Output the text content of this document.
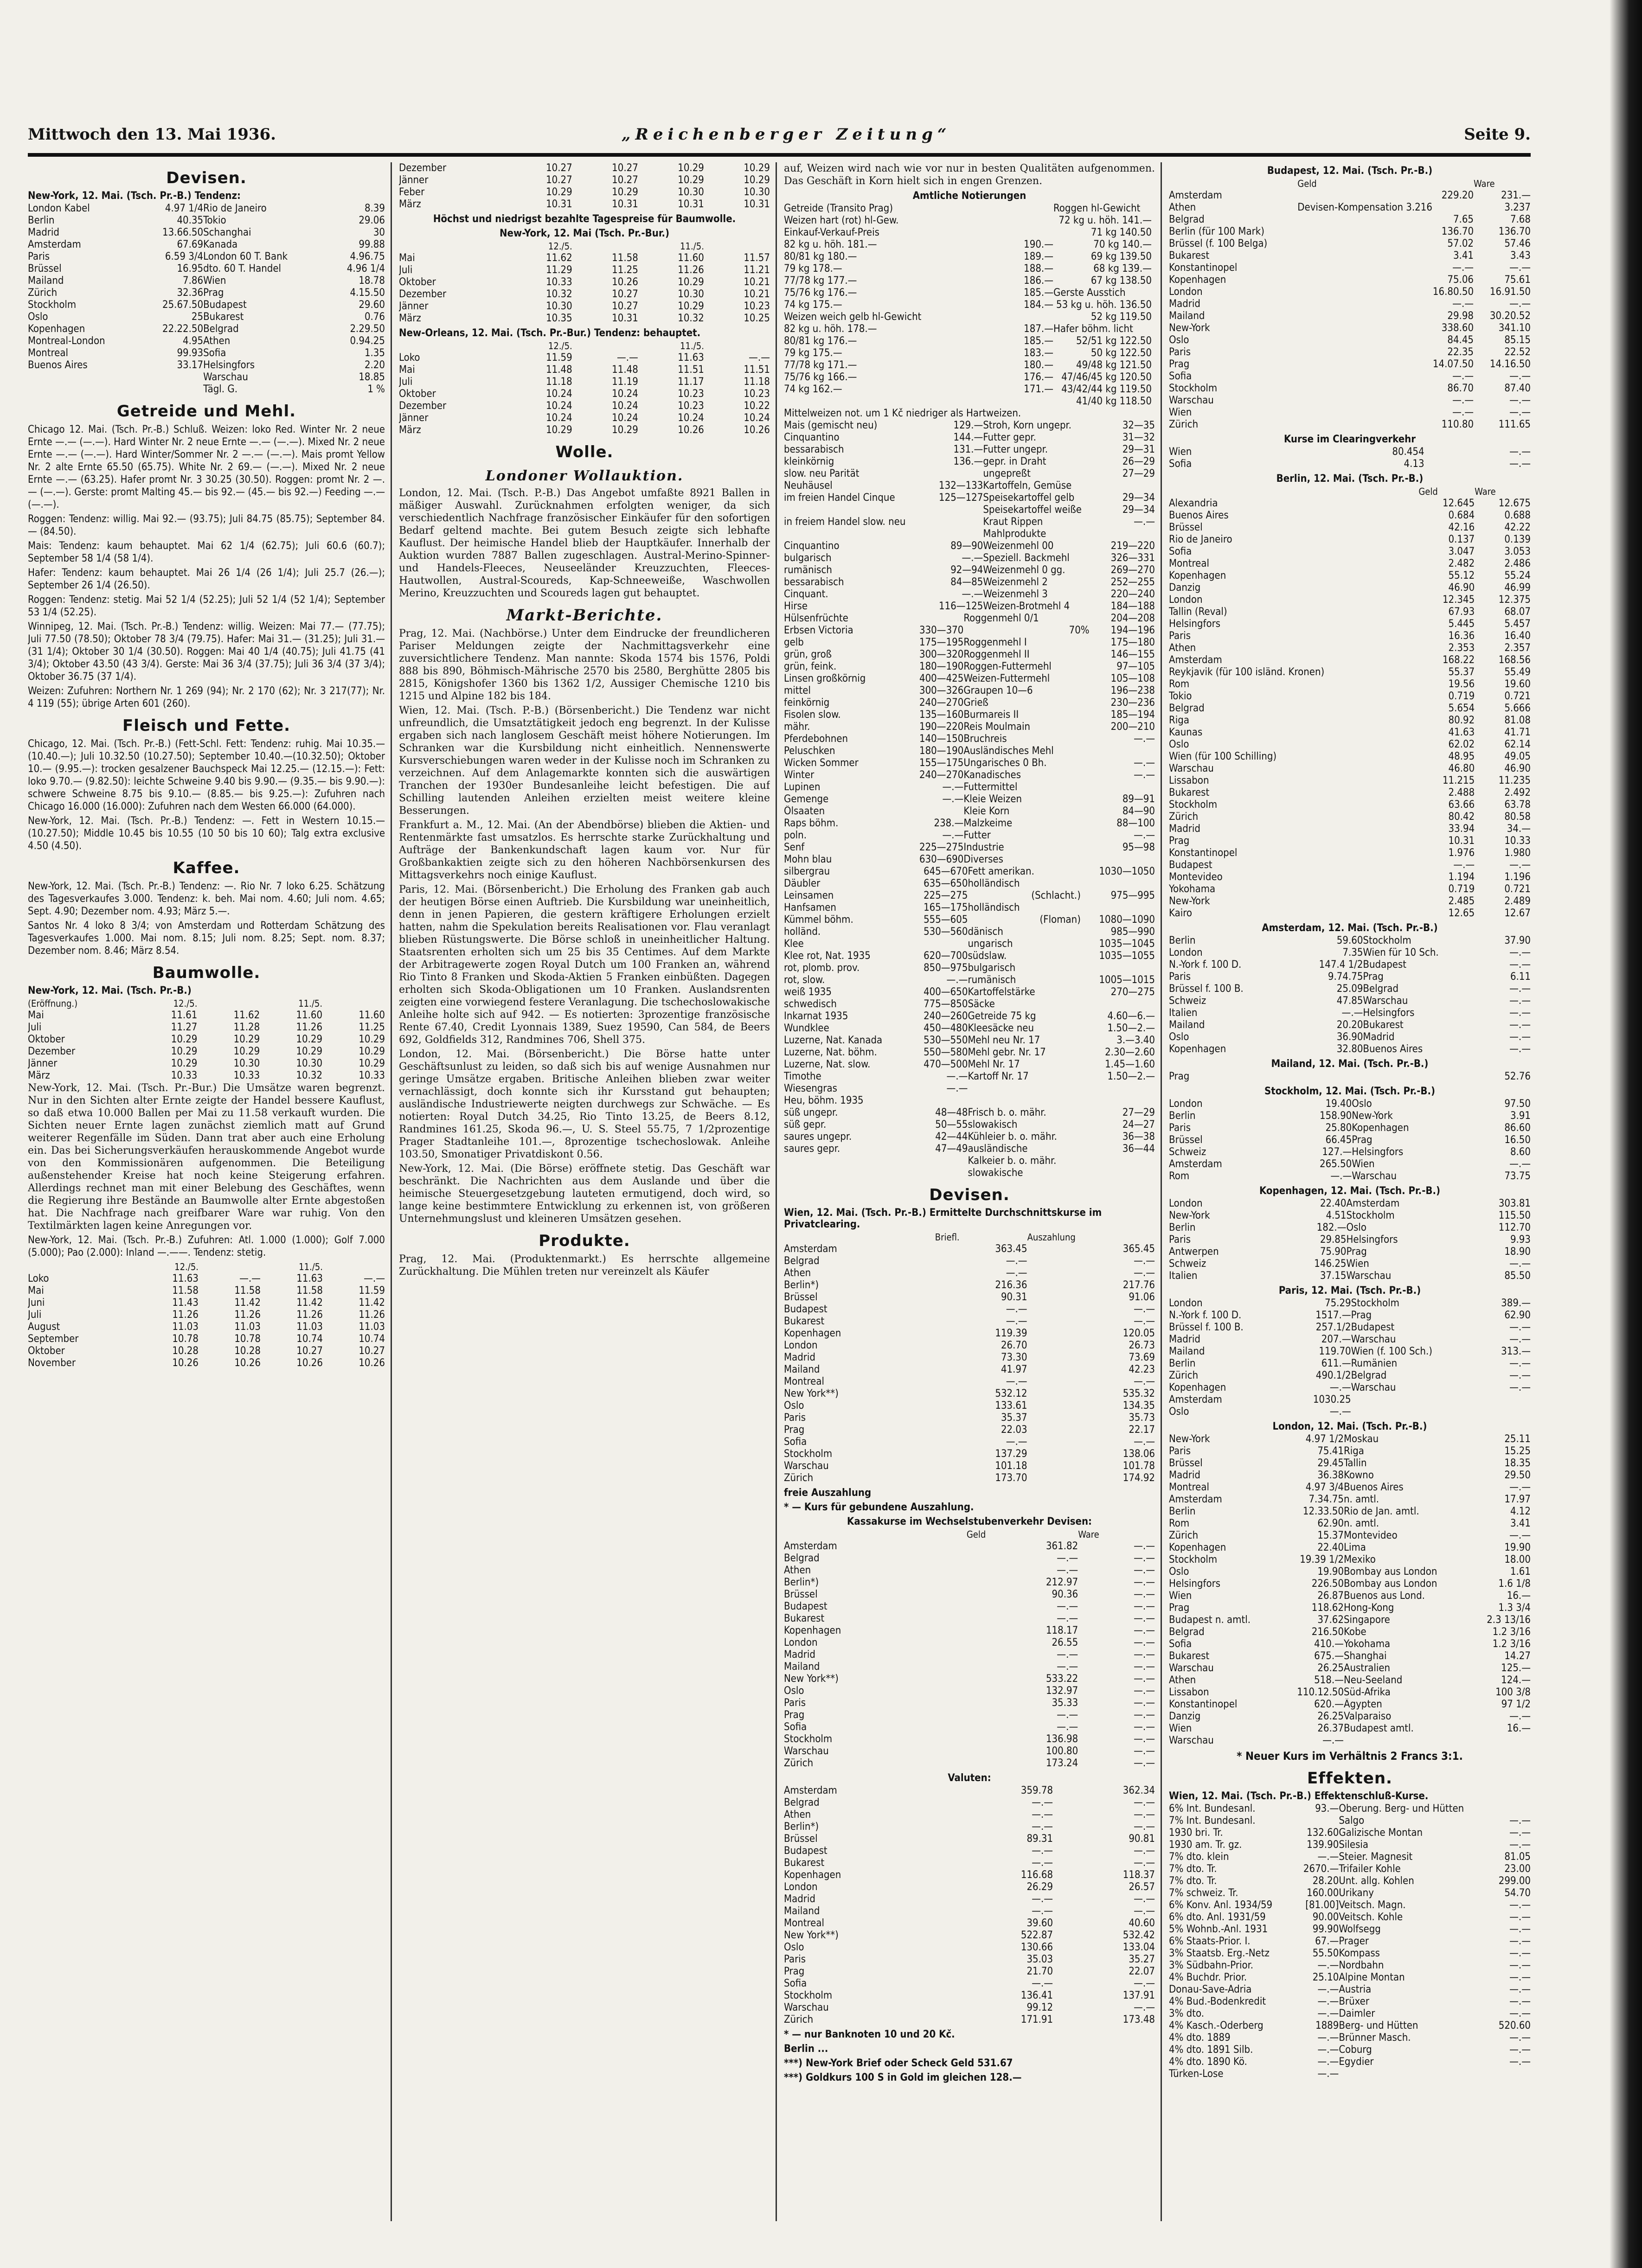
Mittwoch den 13. Mai 1936.	„Reichenberger Zeitung“	Seite 9.
Devisen.
New-York, 12. Mai. (Tsch. Pr.-B.) Tendenz:
London Kabel	4.97 1/4	Rio de Janeiro	8.39
Berlin	40.35	Tokio	29.06
Madrid	13.66.50	Schanghai	30
Amsterdam	67.69	Kanada	99.88
Paris	6.59 3/4	London 60 T. Bank	4.96.75
Brüssel	16.95	dto. 60 T. Handel	4.96 1/4
Mailand	7.86	Wien	18.78
Zürich	32.36	Prag	4.15.50
Stockholm	25.67.50	Budapest	29.60
Oslo	25	Bukarest	0.76
Kopenhagen	22.22.50	Belgrad	2.29.50
Montreal-London	4.95	Athen	0.94.25
Montreal	99.93	Sofia	1.35
Buenos Aires	33.17	Helsingfors	2.20
		Warschau	18.85
		Tägl. G.	1 %
Getreide und Mehl.

Chicago 12. Mai. (Tsch. Pr.-B.) Schluß. Weizen: loko Red. Winter Nr. 2 neue Ernte —.— (—.—). Hard Winter Nr. 2 neue Ernte —.— (—.—). Mixed Nr. 2 neue Ernte —.— (—.—). Hard Winter/Sommer Nr. 2 —.— (—.—). Mais promt Yellow Nr. 2 alte Ernte 65.50 (65.75). White Nr. 2 69.— (—.—). Mixed Nr. 2 neue Ernte —.— (63.25). Hafer promt Nr. 3 30.25 (30.50). Roggen: promt Nr. 2 —.— (—.—). Gerste: promt Malting 45.— bis 92.— (45.— bis 92.—) Feeding —.— (—.—).

Roggen: Tendenz: willig. Mai 92.— (93.75); Juli 84.75 (85.75); September 84.— (84.50).

Mais: Tendenz: kaum behauptet. Mai 62 1/4 (62.75); Juli 60.6 (60.7); September 58 1/4 (58 1/4).

Hafer: Tendenz: kaum behauptet. Mai 26 1/4 (26 1/4); Juli 25.7 (26.—); September 26 1/4 (26.50).

Roggen: Tendenz: stetig. Mai 52 1/4 (52.25); Juli 52 1/4 (52 1/4); September 53 1/4 (52.25).

Winnipeg, 12. Mai. (Tsch. Pr.-B.) Tendenz: willig. Weizen: Mai 77.— (77.75); Juli 77.50 (78.50); Oktober 78 3/4 (79.75). Hafer: Mai 31.— (31.25); Juli 31.— (31 1/4); Oktober 30 1/4 (30.50). Roggen: Mai 40 1/4 (40.75); Juli 41.75 (41 3/4); Oktober 43.50 (43 3/4). Gerste: Mai 36 3/4 (37.75); Juli 36 3/4 (37 3/4); Oktober 36.75 (37 1/4).

Weizen: Zufuhren: Northern Nr. 1 269 (94); Nr. 2 170 (62); Nr. 3 217(77); Nr. 4 119 (55); übrige Arten 601 (260).

Fleisch und Fette.

Chicago, 12. Mai. (Tsch. Pr.-B.) (Fett-Schl. Fett: Tendenz: ruhig. Mai 10.35.—(10.40.—); Juli 10.32.50 (10.27.50); September 10.40.—(10.32.50); Oktober 10.— (9.95.—): trocken gesalzener Bauchspeck Mai 12.25.— (12.15.—): Fett: loko 9.70.— (9.82.50): leichte Schweine 9.40 bis 9.90.— (9.35.— bis 9.90.—): schwere Schweine 8.75 bis 9.10.— (8.85.— bis 9.25.—): Zufuhren nach Chicago 16.000 (16.000): Zufuhren nach dem Westen 66.000 (64.000).

New-York, 12. Mai. (Tsch. Pr.-B.) Tendenz: —. Fett in Western 10.15.— (10.27.50); Middle 10.45 bis 10.55 (10 50 bis 10 60); Talg extra exclusive 4.50 (4.50).

Kaffee.

New-York, 12. Mai. (Tsch. Pr.-B.) Tendenz: —. Rio Nr. 7 loko 6.25. Schätzung des Tagesverkaufes 3.000. Tendenz: k. beh. Mai nom. 4.60; Juli nom. 4.65; Sept. 4.90; Dezember nom. 4.93; März 5.—.

Santos Nr. 4 loko 8 3/4; von Amsterdam und Rotterdam Schätzung des Tagesverkaufes 1.000. Mai nom. 8.15; Juli nom. 8.25; Sept. nom. 8.37; Dezember nom. 8.46; März 8.54.

Baumwolle.
New-York, 12. Mai. (Tsch. Pr.-B.)
(Eröffnung.)	12./5.		11./5.	
Mai	11.61	11.62	11.60	11.60
Juli	11.27	11.28	11.26	11.25
Oktober	10.29	10.29	10.29	10.29
Dezember	10.29	10.29	10.29	10.29
Jänner	10.29	10.30	10.30	10.29
März	10.33	10.33	10.32	10.33

New-York, 12. Mai. (Tsch. Pr.-Bur.) Die Umsätze waren begrenzt. Nur in den Sichten alter Ernte zeigte der Handel bessere Kauflust, so daß etwa 10.000 Ballen per Mai zu 11.58 verkauft wurden. Die Sichten neuer Ernte lagen zunächst ziemlich matt auf Grund weiterer Regenfälle im Süden. Dann trat aber auch eine Erholung ein. Das bei Sicherungsverkäufen herauskommende Angebot wurde von den Kommissionären aufgenommen. Die Beteiligung außenstehender Kreise hat noch keine Steigerung erfahren. Allerdings rechnet man mit einer Belebung des Geschäftes, wenn die Regierung ihre Bestände an Baumwolle alter Ernte abgestoßen hat. Die Nachfrage nach greifbarer Ware war ruhig. Von den Textilmärkten lagen keine Anregungen vor.

New-York, 12. Mai. (Tsch. Pr.-B.) Zufuhren: Atl. 1.000 (1.000); Golf 7.000 (5.000); Pao (2.000): Inland —.——. Tendenz: stetig.

	12./5.		11./5.	
Loko	11.63	—.—	11.63	—.—
Mai	11.58	11.58	11.58	11.59
Juni	11.43	11.42	11.42	11.42
Juli	11.26	11.26	11.26	11.26
August	11.03	11.03	11.03	11.03
September	10.78	10.78	10.74	10.74
Oktober	10.28	10.28	10.27	10.27
November	10.26	10.26	10.26	10.26
Dezember	10.27	10.27	10.29	10.29
Jänner	10.27	10.27	10.29	10.29
Feber	10.29	10.29	10.30	10.30
März	10.31	10.31	10.31	10.31
Höchst und niedrigst bezahlte Tagespreise für Baumwolle.
New-York, 12. Mai (Tsch. Pr.-Bur.)
	12./5.		11./5.	
Mai	11.62	11.58	11.60	11.57
Juli	11.29	11.25	11.26	11.21
Oktober	10.33	10.26	10.29	10.21
Dezember	10.32	10.27	10.30	10.21
Jänner	10.30	10.27	10.29	10.23
März	10.35	10.31	10.32	10.25
New-Orleans, 12. Mai. (Tsch. Pr.-Bur.) Tendenz: behauptet.
	12./5.		11./5.	
Loko	11.59	—.—	11.63	—.—
Mai	11.48	11.48	11.51	11.51
Juli	11.18	11.19	11.17	11.18
Oktober	10.24	10.24	10.23	10.23
Dezember	10.24	10.24	10.23	10.22
Jänner	10.24	10.24	10.24	10.24
März	10.29	10.29	10.26	10.26
Wolle.
Londoner Wollauktion.

London, 12. Mai. (Tsch. P.-B.) Das Angebot umfaßte 8921 Ballen in mäßiger Auswahl. Zurücknahmen erfolgten weniger, da sich verschiedentlich Nachfrage französischer Einkäufer für den sofortigen Bedarf geltend machte. Bei gutem Besuch zeigte sich lebhafte Kauflust. Der heimische Handel blieb der Hauptkäufer. Innerhalb der Auktion wurden 7887 Ballen zugeschlagen. Austral-Merino-Spinner- und Handels-Fleeces, Neuseeländer Kreuzzuchten, Fleeces-Hautwollen, Austral-Scoureds, Kap-Schneeweiße, Waschwollen Merino, Kreuzzuchten und Scoureds lagen gut behauptet.

Markt-Berichte.

Prag, 12. Mai. (Nachbörse.) Unter dem Eindrucke der freundlicheren Pariser Meldungen zeigte der Nachmittagsverkehr eine zuversichtlichere Tendenz. Man nannte: Skoda 1574 bis 1576, Poldi 888 bis 890, Böhmisch-Mährische 2570 bis 2580, Berghütte 2805 bis 2815, Königshofer 1360 bis 1362 1/2, Aussiger Chemische 1210 bis 1215 und Alpine 182 bis 184.

Wien, 12. Mai. (Tsch. P.-B.) (Börsenbericht.) Die Tendenz war nicht unfreundlich, die Umsatztätigkeit jedoch eng begrenzt. In der Kulisse ergaben sich nach langlosem Geschäft meist höhere Notierungen. Im Schranken war die Kursbildung nicht einheitlich. Nennenswerte Kursverschiebungen waren weder in der Kulisse noch im Schranken zu verzeichnen. Auf dem Anlagemarkte konnten sich die auswärtigen Tranchen der 1930er Bundesanleihe leicht befestigen. Die auf Schilling lautenden Anleihen erzielten meist weitere kleine Besserungen.

Frankfurt a. M., 12. Mai. (An der Abendbörse) blieben die Aktien- und Rentenmärkte fast umsatzlos. Es herrschte starke Zurückhaltung und Aufträge der Bankenkundschaft lagen kaum vor. Nur für Großbankaktien zeigte sich zu den höheren Nachbörsenkursen des Mittagsverkehrs noch einige Kauflust.

Paris, 12. Mai. (Börsenbericht.) Die Erholung des Franken gab auch der heutigen Börse einen Auftrieb. Die Kursbildung war uneinheitlich, denn in jenen Papieren, die gestern kräftigere Erholungen erzielt hatten, nahm die Spekulation bereits Realisationen vor. Flau veranlagt blieben Rüstungswerte. Die Börse schloß in uneinheitlicher Haltung. Staatsrenten erholten sich um 25 bis 35 Centimes. Auf dem Markte der Arbitragewerte zogen Royal Dutch um 100 Franken an, während Rio Tinto 8 Franken und Skoda-Aktien 5 Franken einbüßten. Dagegen erholten sich Skoda-Obligationen um 10 Franken. Auslandsrenten zeigten eine vorwiegend festere Veranlagung. Die tschechoslowakische Anleihe holte sich auf 942. — Es notierten: 3prozentige französische Rente 67.40, Credit Lyonnais 1389, Suez 19590, Can 584, de Beers 692, Goldfields 312, Randmines 706, Shell 375.

London, 12. Mai. (Börsenbericht.) Die Börse hatte unter Geschäftsunlust zu leiden, so daß sich bis auf wenige Ausnahmen nur geringe Umsätze ergaben. Britische Anleihen blieben zwar weiter vernachlässigt, doch konnte sich ihr Kursstand gut behaupten; ausländische Industriewerte neigten durchwegs zur Schwäche. — Es notierten: Royal Dutch 34.25, Rio Tinto 13.25, de Beers 8.12, Randmines 161.25, Skoda 96.—, U. S. Steel 55.75, 7 1/2prozentige Prager Stadtanleihe 101.—, 8prozentige tschechoslowak. Anleihe 103.50, Smonatiger Privatdiskont 0.56.

New-York, 12. Mai. (Die Börse) eröffnete stetig. Das Geschäft war beschränkt. Die Nachrichten aus dem Auslande und über die heimische Steuergesetzgebung lauteten ermutigend, doch wird, so lange keine bestimmtere Entwicklung zu erkennen ist, von größeren Unternehmungslust und kleineren Umsätzen gesehen.

Produkte.

Prag, 12. Mai. (Produktenmarkt.) Es herrschte allgemeine Zurückhaltung. Die Mühlen treten nur vereinzelt als Käufer

auf, Weizen wird nach wie vor nur in besten Qualitäten aufgenommen. Das Geschäft in Korn hielt sich in engen Grenzen.

Amtliche Notierungen
Getreide (Transito Prag)		Roggen hl-Gewicht	
Weizen hart (rot) hl-Gew.		72 kg u. höh. 141.—	
Einkauf-Verkauf-Preis		71 kg 140.50	
82 kg u. höh. 181.—	190.—	70 kg 140.—	
80/81 kg 180.—	189.—	69 kg 139.50	
79 kg 178.—	188.—	68 kg 139.—	
77/78 kg 177.—	186.—	67 kg 138.50	
75/76 kg 176.—	185.—	Gerste Ausstich	
74 kg 175.—	184.—	53 kg u. höh. 136.50	
Weizen weich gelb hl-Gewicht		52 kg 119.50	
82 kg u. höh. 178.—	187.—	Hafer böhm. licht	
80/81 kg 176.—	185.—	52/51 kg 122.50	
79 kg 175.—	183.—	50 kg 122.50	
77/78 kg 171.—	180.—	49/48 kg 121.50	
75/76 kg 166.—	176.—	47/46/45 kg 120.50	
74 kg 162.—	171.—	43/42/44 kg 119.50	
		41/40 kg 118.50	
Mittelweizen not. um 1 Kč niedriger als Hartweizen.			
Mais (gemischt neu)	129.—	Stroh, Korn ungepr.	32—35
Cinquantino	144.—	Futter gepr.	31—32
bessarabisch	131.—	Futter ungepr.	29—31
kleinkörnig	136.—	gepr. in Draht	26—29
slow. neu Parität		ungepreßt	27—29
Neuhäusel	132—133	Kartoffeln, Gemüse	
im freien Handel Cinque	125—127	Speisekartoffel gelb	29—34
		Speisekartoffel weiße	29—34
in freiem Handel slow. neu		Kraut Rippen	—.—
		Mahlprodukte	
Cinquantino	89—90	Weizenmehl 00	219—220
bulgarisch	—.—	Speziell. Backmehl	326—331
rumänisch	92—94	Weizenmehl 0 gg.	269—270
bessarabisch	84—85	Weizenmehl 2	252—255
Cinquant.	—.—	Weizenmehl 3	220—240
Hirse	116—125	Weizen-Brotmehl 4	184—188
Hülsenfrüchte		Roggenmehl 0/1	204—208
Erbsen Victoria	330—370	70%	194—196
gelb	175—195	Roggenmehl I	175—180
grün, groß	300—320	Roggenmehl II	146—155
grün, feink.	180—190	Roggen-Futtermehl	97—105
Linsen großkörnig	400—425	Weizen-Futtermehl	105—108
mittel	300—326	Graupen 10—6	196—238
feinkörnig	240—270	Grieß	230—236
Fisolen slow.	135—160	Burmareis II	185—194
mähr.	190—220	Reis Moulmain	200—210
Pferdebohnen	140—150	Bruchreis	—.—
Peluschken	180—190	Ausländisches Mehl	
Wicken Sommer	155—175	Ungarisches 0 Bh.	—.—
Winter	240—270	Kanadisches	—.—
Lupinen	—.—	Futtermittel	
Gemenge	—.—	Kleie Weizen	89—91
Ölsaaten		Kleie Korn	84—90
Raps böhm.	238.—	Malzkeime	88—100
poln.	—.—	Futter	—.—
Senf	225—275	Industrie	95—98
Mohn blau	630—690	Diverses	
silbergrau	645—670	Fett amerikan.	1030—1050
Däubler	635—650	holländisch	
Leinsamen	225—275	(Schlacht.)	975—995
Hanfsamen	165—175	holländisch	
Kümmel böhm.	555—605	(Floman)	1080—1090
holländ.	530—560	dänisch	985—990
Klee		ungarisch	1035—1045
Klee rot, Nat. 1935	620—700	südslaw.	1035—1055
rot, plomb. prov.	850—975	bulgarisch	
rot, slow.	—.—	rumänisch	1005—1015
weiß 1935	400—650	Kartoffelstärke	270—275
schwedisch	775—850	Säcke	
Inkarnat 1935	240—260	Getreide 75 kg	4.60—6.—
Wundklee	450—480	Kleesäcke neu	1.50—2.—
Luzerne, Nat. Kanada	530—550	Mehl neu Nr. 17	3.—3.40
Luzerne, Nat. böhm.	550—580	Mehl gebr. Nr. 17	2.30—2.60
Luzerne, Nat. slow.	470—500	Mehl Nr. 17	1.45—1.60
Timothe	—.—	Kartoff Nr. 17	1.50—2.—
Wiesengras	—.—		
Heu, böhm. 1935			
süß ungepr.	48—48	Frisch b. o. mähr.	27—29
süß gepr.	50—55	slowakisch	24—27
saures ungepr.	42—44	Kühleier b. o. mähr.	36—38
saures gepr.	47—49	ausländische	36—44
		Kalkeier b. o. mähr.	
		slowakische	
Devisen.
Wien, 12. Mai. (Tsch. Pr.-B.) Ermittelte Durchschnittskurse im Privatclearing.
	Briefl.	Auszahlung
Amsterdam	363.45	365.45
Belgrad	—.—	—.—
Athen	—.—	—.—
Berlin*)	216.36	217.76
Brüssel	90.31	91.06
Budapest	—.—	—.—
Bukarest	—.—	—.—
Kopenhagen	119.39	120.05
London	26.70	26.73
Madrid	73.30	73.69
Mailand	41.97	42.23
Montreal	—.—	—.—
New York**)	532.12	535.32
Oslo	133.61	134.35
Paris	35.37	35.73
Prag	22.03	22.17
Sofia	—.—	—.—
Stockholm	137.29	138.06
Warschau	101.18	101.78
Zürich	173.70	174.92
freie Auszahlung
* — Kurs für gebundene Auszahlung.
Kassakurse im Wechselstubenverkehr Devisen:
	Geld	Ware
Amsterdam	361.82	—.—
Belgrad	—.—	—.—
Athen	—.—	—.—
Berlin*)	212.97	—.—
Brüssel	90.36	—.—
Budapest	—.—	—.—
Bukarest	—.—	—.—
Kopenhagen	118.17	—.—
London	26.55	—.—
Madrid	—.—	—.—
Mailand	—.—	—.—
New York**)	533.22	—.—
Oslo	132.97	—.—
Paris	35.33	—.—
Prag	—.—	—.—
Sofia	—.—	—.—
Stockholm	136.98	—.—
Warschau	100.80	—.—
Zürich	173.24	—.—
Valuten:
Amsterdam	359.78	362.34
Belgrad	—.—	—.—
Athen	—.—	—.—
Berlin*)	—.—	—.—
Brüssel	89.31	90.81
Budapest	—.—	—.—
Bukarest	—.—	—.—
Kopenhagen	116.68	118.37
London	26.29	26.57
Madrid	—.—	—.—
Mailand	—.—	—.—
Montreal	39.60	40.60
New York**)	522.87	532.42
Oslo	130.66	133.04
Paris	35.03	35.27
Prag	21.70	22.07
Sofia	—.—	—.—
Stockholm	136.41	137.91
Warschau	99.12	—.—
Zürich	171.91	173.48
* — nur Banknoten 10 und 20 Kč.
Berlin ...
***) New-York Brief oder Scheck Geld 531.67
***) Goldkurs 100 S in Gold im gleichen 128.—
Budapest, 12. Mai. (Tsch. Pr.-B.)
	Geld	Ware
Amsterdam	229.20	231.—
Athen	Devisen-Kompensation 3.216	3.237
Belgrad	7.65	7.68
Berlin (für 100 Mark)	136.70	136.70
Brüssel (f. 100 Belga)	57.02	57.46
Bukarest	3.41	3.43
Konstantinopel	—.—	—.—
Kopenhagen	75.06	75.61
London	16.80.50	16.91.50
Madrid	—.—	—.—
Mailand	29.98	30.20.52
New-York	338.60	341.10
Oslo	84.45	85.15
Paris	22.35	22.52
Prag	14.07.50	14.16.50
Sofia	—.—	—.—
Stockholm	86.70	87.40
Warschau	—.—	—.—
Wien	—.—	—.—
Zürich	110.80	111.65
Kurse im Clearingverkehr
Wien	80.454	—.—
Sofia	4.13	—.—
Berlin, 12. Mai. (Tsch. Pr.-B.)
	Geld	Ware
Alexandria	12.645	12.675
Buenos Aires	0.684	0.688
Brüssel	42.16	42.22
Rio de Janeiro	0.137	0.139
Sofia	3.047	3.053
Montreal	2.482	2.486
Kopenhagen	55.12	55.24
Danzig	46.90	46.99
London	12.345	12.375
Tallin (Reval)	67.93	68.07
Helsingfors	5.445	5.457
Paris	16.36	16.40
Athen	2.353	2.357
Amsterdam	168.22	168.56
Reykjavik (für 100 isländ. Kronen)	55.37	55.49
Rom	19.56	19.60
Tokio	0.719	0.721
Belgrad	5.654	5.666
Riga	80.92	81.08
Kaunas	41.63	41.71
Oslo	62.02	62.14
Wien (für 100 Schilling)	48.95	49.05
Warschau	46.80	46.90
Lissabon	11.215	11.235
Bukarest	2.488	2.492
Stockholm	63.66	63.78
Zürich	80.42	80.58
Madrid	33.94	34.—
Prag	10.31	10.33
Konstantinopel	1.976	1.980
Budapest	—.—	—.—
Montevideo	1.194	1.196
Yokohama	0.719	0.721
New-York	2.485	2.489
Kairo	12.65	12.67
Amsterdam, 12. Mai. (Tsch. Pr.-B.)
Berlin	59.60	Stockholm	37.90
London	7.35	Wien für 10 Sch.	—.—
N.-York f. 100 D.	147.4 1/2	Budapest	—.—
Paris	9.74.75	Prag	6.11
Brüssel f. 100 B.	25.09	Belgrad	—.—
Schweiz	47.85	Warschau	—.—
Italien	—.—	Helsingfors	—.—
Mailand	20.20	Bukarest	—.—
Oslo	36.90	Madrid	—.—
Kopenhagen	32.80	Buenos Aires	—.—
Mailand, 12. Mai. (Tsch. Pr.-B.)
Prag			52.76
Stockholm, 12. Mai. (Tsch. Pr.-B.)
London	19.40	Oslo	97.50
Berlin	158.90	New-York	3.91
Paris	25.80	Kopenhagen	86.60
Brüssel	66.45	Prag	16.50
Schweiz	127.—	Helsingfors	8.60
Amsterdam	265.50	Wien	—.—
Rom	—.—	Warschau	73.75
Kopenhagen, 12. Mai. (Tsch. Pr.-B.)
London	22.40	Amsterdam	303.81
New-York	4.51	Stockholm	115.50
Berlin	182.—	Oslo	112.70
Paris	29.85	Helsingfors	9.93
Antwerpen	75.90	Prag	18.90
Schweiz	146.25	Wien	—.—
Italien	37.15	Warschau	85.50
Paris, 12. Mai. (Tsch. Pr.-B.)
London	75.29	Stockholm	389.—
N.-York f. 100 D.	1517.—	Prag	62.90
Brüssel f. 100 B.	257.1/2	Budapest	—.—
Madrid	207.—	Warschau	—.—
Mailand	119.70	Wien (f. 100 Sch.)	313.—
Berlin	611.—	Rumänien	—.—
Zürich	490.1/2	Belgrad	—.—
Kopenhagen	—.—	Warschau	—.—
Amsterdam	1030.25		
Oslo	—.—		
London, 12. Mai. (Tsch. Pr.-B.)
New-York	4.97 1/2	Moskau	25.11
Paris	75.41	Riga	15.25
Brüssel	29.45	Tallin	18.35
Madrid	36.38	Kowno	29.50
Montreal	4.97 3/4	Buenos Aires	—.—
Amsterdam	7.34.75	n. amtl.	17.97
Berlin	12.33.50	Rio de Jan. amtl.	4.12
Rom	62.90	n. amtl.	3.41
Zürich	15.37	Montevideo	—.—
Kopenhagen	22.40	Lima	19.90
Stockholm	19.39 1/2	Mexiko	18.00
Oslo	19.90	Bombay aus London	1.61
Helsingfors	226.50	Bombay aus London	1.6 1/8
Wien	26.87	Buenos aus Lond.	16.—
Prag	118.62	Hong-Kong	1.3 3/4
Budapest n. amtl.	37.62	Singapore	2.3 13/16
Belgrad	216.50	Kobe	1.2 3/16
Sofia	410.—	Yokohama	1.2 3/16
Bukarest	675.—	Shanghai	14.27
Warschau	26.25	Australien	125.—
Athen	518.—	Neu-Seeland	124.—
Lissabon	110.12.50	Süd-Afrika	100 3/8
Konstantinopel	620.—	Ägypten	97 1/2
Danzig	26.25	Valparaiso	—.—
Wien	26.37	Budapest amtl.	16.—
Warschau	—.—		
* Neuer Kurs im Verhältnis 2 Francs 3:1.
Effekten.
Wien, 12. Mai. (Tsch. Pr.-B.) Effektenschluß-Kurse.
6% Int. Bundesanl.	93.—	Oberung. Berg- und Hütten	
7% Int. Bundesanl.		Salgo	—.—
1930 bri. Tr.	132.60	Galizische Montan	—.—
1930 am. Tr. gz.	139.90	Silesia	—.—
7% dto. klein	—.—	Steier. Magnesit	81.05
7% dto. Tr.	2670.—	Trifailer Kohle	23.00
7% dto. Tr.	28.20	Unt. allg. Kohlen	299.00
7% schweiz. Tr.	160.00	Urikany	54.70
6% Konv. Anl. 1934/59	[81.00]	Veitsch. Magn.	—.—
6% dto. Anl. 1931/59	90.00	Veitsch. Kohle	—.—
5% Wohnb.-Anl. 1931	99.90	Wolfsegg	—.—
6% Staats-Prior. I.	67.—	Prager	—.—
3% Staatsb. Erg.-Netz	55.50	Kompass	—.—
3% Südbahn-Prior.	—.—	Nordbahn	—.—
4% Buchdr. Prior.	25.10	Alpine Montan	—.—
Donau-Save-Adria	—.—	Austria	—.—
4% Bud.-Bodenkredit	—.—	Brüxer	—.—
3% dto.	—.—	Daimler	—.—
4% Kasch.-Oderberg	1889	Berg- und Hütten	520.60
4% dto. 1889	—.—	Brünner Masch.	—.—
4% dto. 1891 Silb.	—.—	Coburg	—.—
4% dto. 1890 Kö.	—.—	Egydier	—.—
Türken-Lose	—.—		
